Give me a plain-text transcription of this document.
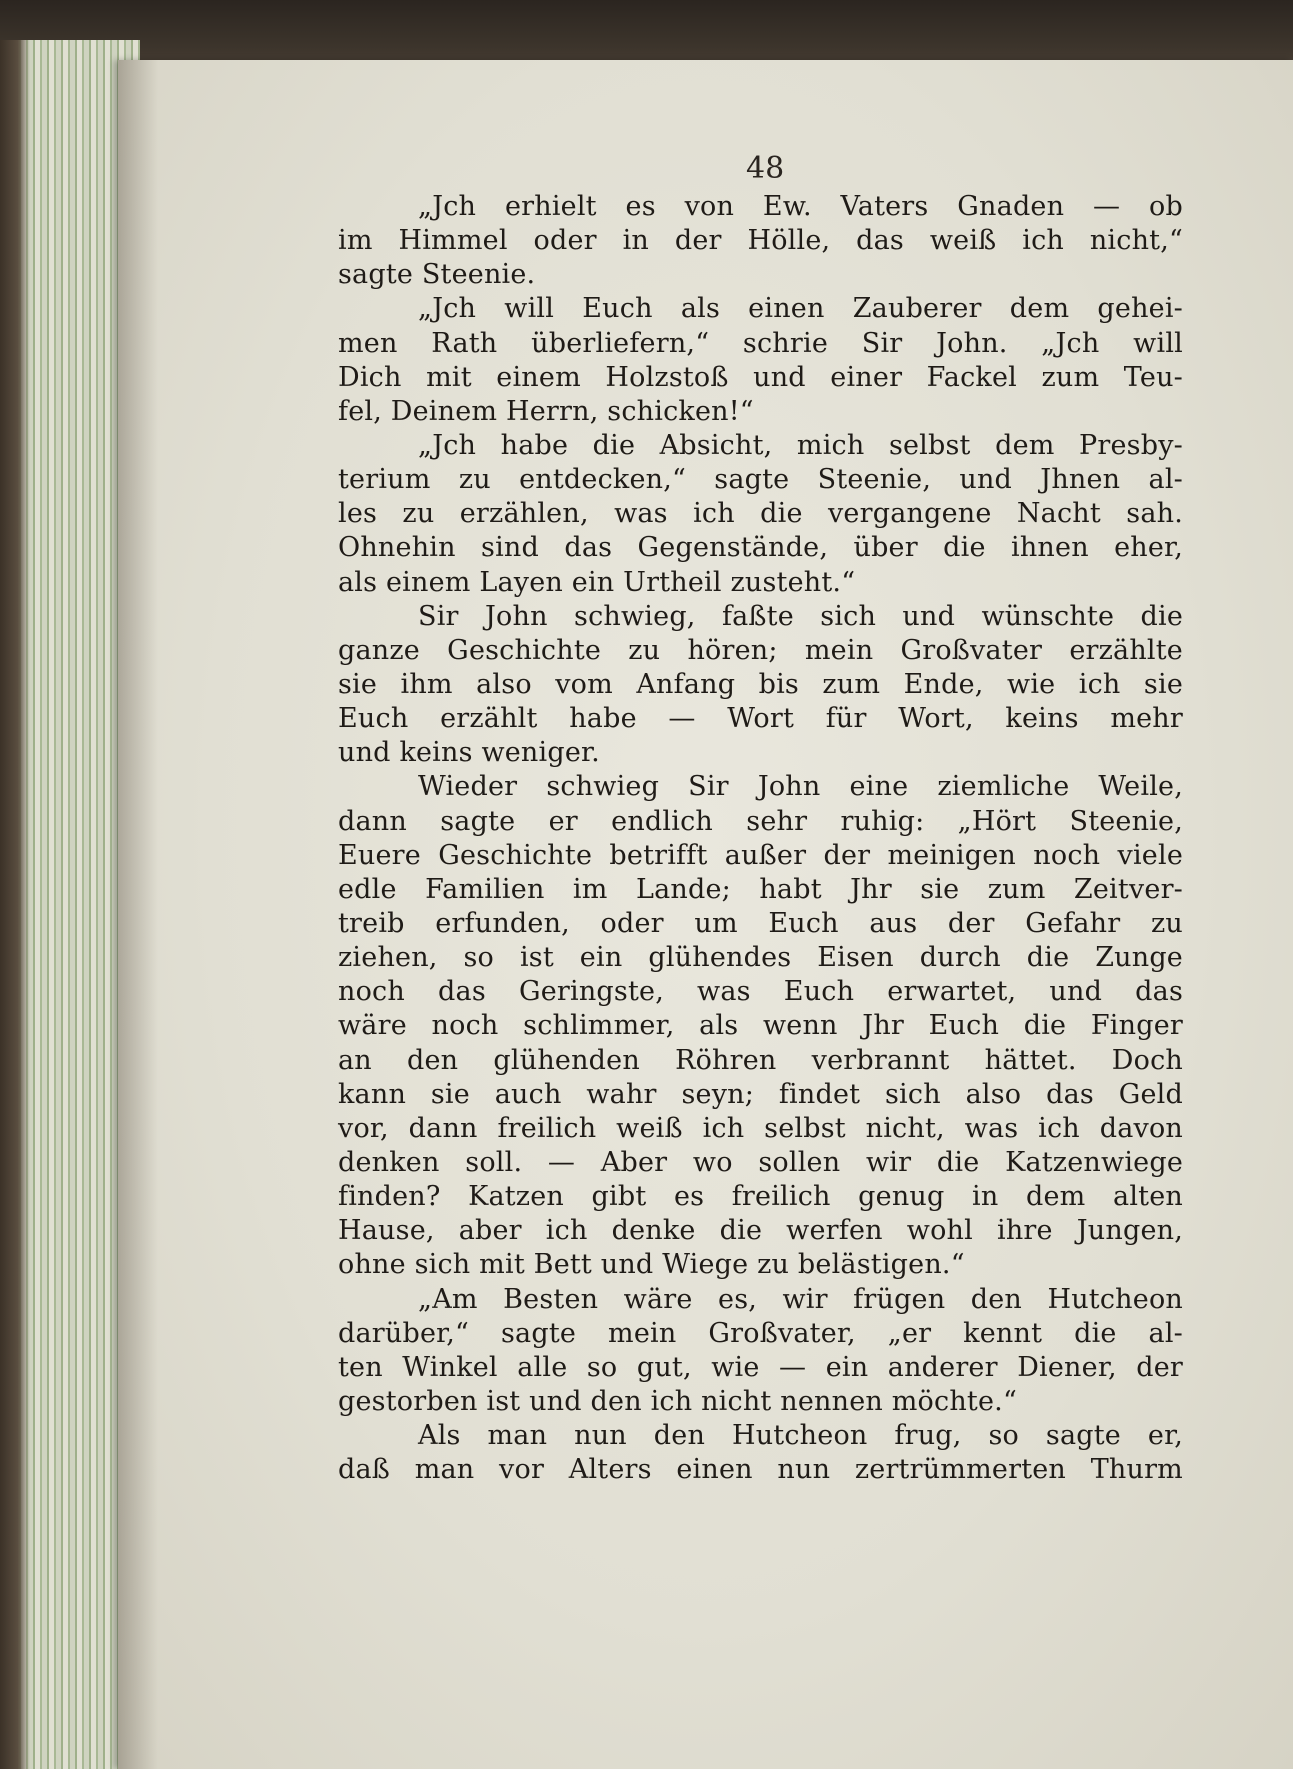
48
„Jch erhielt es von Ew. Vaters Gnaden — ob
im Himmel oder in der Hölle, das weiß ich nicht,“
sagte Steenie.
„Jch will Euch als einen Zauberer dem gehei-
men Rath überliefern,“ schrie Sir John. „Jch will
Dich mit einem Holzstoß und einer Fackel zum Teu-
fel, Deinem Herrn, schicken!“
„Jch habe die Absicht, mich selbst dem Presby-
terium zu entdecken,“ sagte Steenie, und Jhnen al-
les zu erzählen, was ich die vergangene Nacht sah.
Ohnehin sind das Gegenstände, über die ihnen eher,
als einem Layen ein Urtheil zusteht.“
Sir John schwieg, faßte sich und wünschte die
ganze Geschichte zu hören; mein Großvater erzählte
sie ihm also vom Anfang bis zum Ende, wie ich sie
Euch erzählt habe — Wort für Wort, keins mehr
und keins weniger.
Wieder schwieg Sir John eine ziemliche Weile,
dann sagte er endlich sehr ruhig: „Hört Steenie,
Euere Geschichte betrifft außer der meinigen noch viele
edle Familien im Lande; habt Jhr sie zum Zeitver-
treib erfunden, oder um Euch aus der Gefahr zu
ziehen, so ist ein glühendes Eisen durch die Zunge
noch das Geringste, was Euch erwartet, und das
wäre noch schlimmer, als wenn Jhr Euch die Finger
an den glühenden Röhren verbrannt hättet. Doch
kann sie auch wahr seyn; findet sich also das Geld
vor, dann freilich weiß ich selbst nicht, was ich davon
denken soll. — Aber wo sollen wir die Katzenwiege
finden? Katzen gibt es freilich genug in dem alten
Hause, aber ich denke die werfen wohl ihre Jungen,
ohne sich mit Bett und Wiege zu belästigen.“
„Am Besten wäre es, wir frügen den Hutcheon
darüber,“ sagte mein Großvater, „er kennt die al-
ten Winkel alle so gut, wie — ein anderer Diener, der
gestorben ist und den ich nicht nennen möchte.“
Als man nun den Hutcheon frug, so sagte er,
daß man vor Alters einen nun zertrümmerten Thurm
